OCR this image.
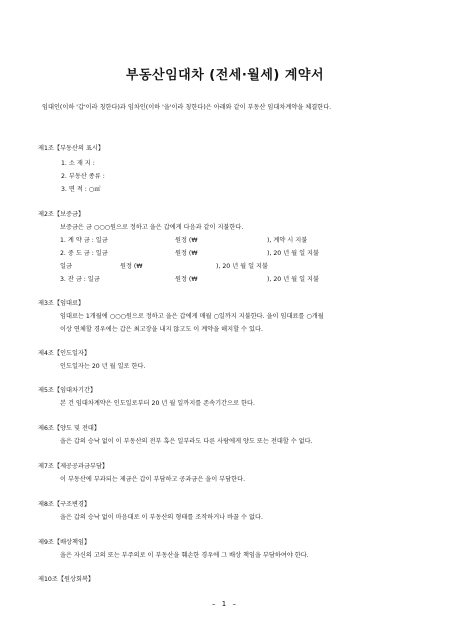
부동산임대차 (전세·월세) 계약서
임대인(이하 '갑'이라 칭한다)과 임차인(이하 '을'이라 칭한다)은 아래와 같이 부동산 임대차계약을 체결한다.
제1조【부동산의 표시】
1. 소 재 지 :
2. 부동산 종류 :
3. 면 적 : ○㎡
제2조【보증금】
보증금은 금 ○○○원으로 정하고 을은 갑에게 다음과 같이 지불한다.
1. 계 약 금 : 일금	원정 (₩	), 계약 시 지불
2. 중 도 금 : 일금	원정 (₩	), 20 년 월 일 지불
일금	원정 (₩	), 20 년 월 일 지불
3. 잔 금 : 일금	원정 (₩	), 20 년 월 일 지불
제3조【임대료】
임대료는 1개월에 ○○○원으로 정하고 을은 갑에게 매월 ○일까지 지불한다. 을이 임대료를 ○개월
이상 연체할 경우에는 갑은 최고장을 내지 않고도 이 계약을 해지할 수 있다.
제4조【인도일자】
인도일자는 20 년 월 일로 한다.
제5조【임대차기간】
본 건 임대차계약은 인도일로부터 20 년 월 일까지를 존속기간으로 한다.
제6조【양도 및 전대】
을은 갑의 승낙 없이 이 부동산의 전부 혹은 일부라도 다른 사람에게 양도 또는 전대할 수 없다.
제7조【제공공과금부담】
이 부동산에 부과되는 제금은 갑이 부담하고 공과금은 을이 부담한다.
제8조【구조변경】
을은 갑의 승낙 없이 마음대로 이 부동산의 형태를 조작하거나 바꿀 수 없다.
제9조【배상책임】
을은 자신의 고의 또는 부주의로 이 부동산을 훼손한 경우에 그 배상 책임을 부담하여야 한다.
제10조【원상회복】
– 1 –
